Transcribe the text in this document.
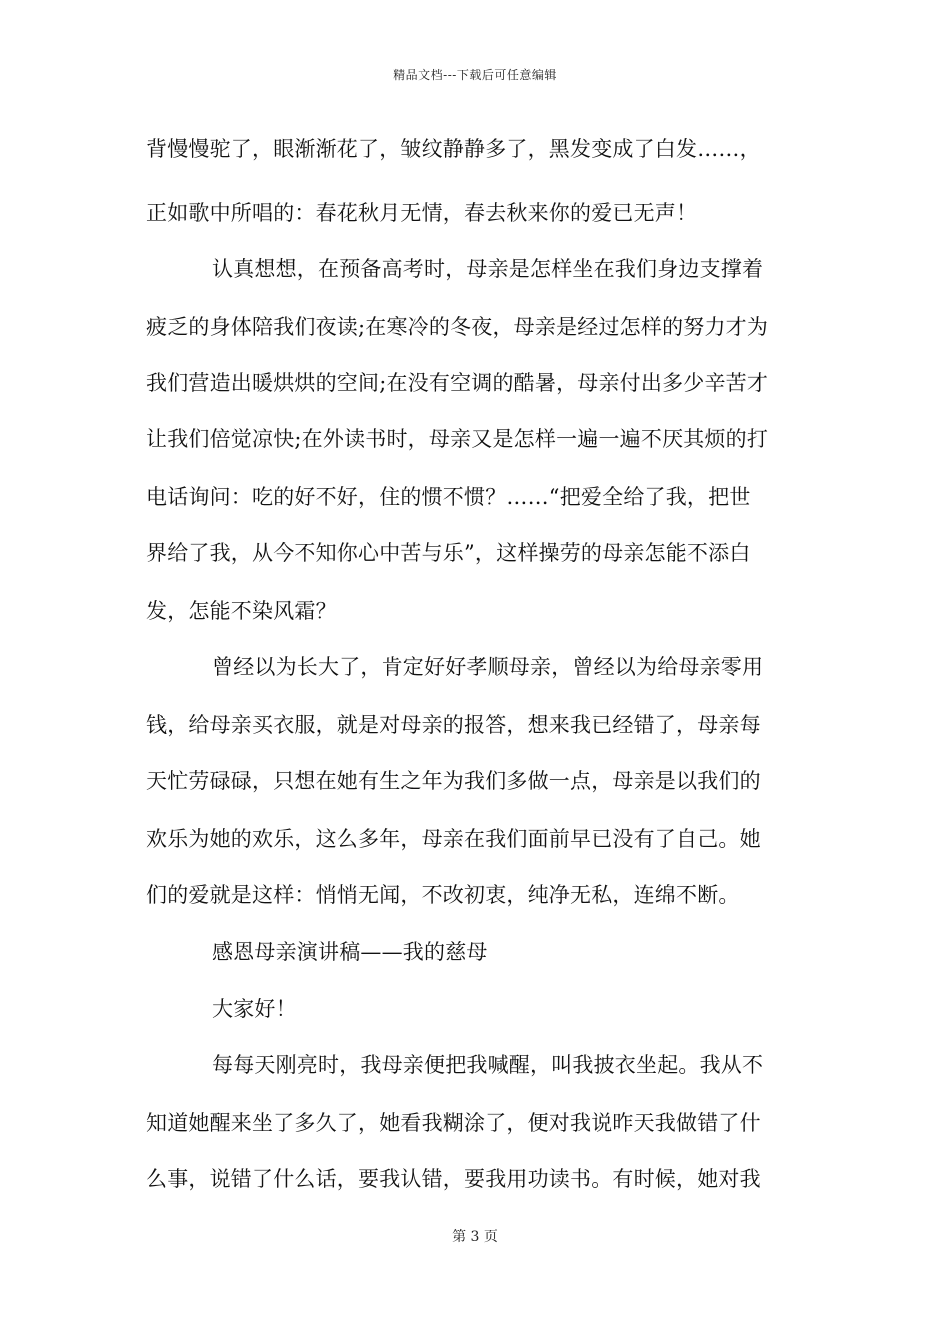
精品文档---下载后可任意编辑
背慢慢驼了，眼渐渐花了，皱纹静静多了，黑发变成了白发……，
正如歌中所唱的：春花秋月无情，春去秋来你的爱已无声！
认真想想，在预备高考时，母亲是怎样坐在我们身边支撑着
疲乏的身体陪我们夜读;在寒冷的冬夜，母亲是经过怎样的努力才为
我们营造出暖烘烘的空间;在没有空调的酷暑，母亲付出多少辛苦才
让我们倍觉凉快;在外读书时，母亲又是怎样一遍一遍不厌其烦的打
电话询问：吃的好不好，住的惯不惯？……“把爱全给了我，把世
界给了我，从今不知你心中苦与乐”，这样操劳的母亲怎能不添白
发，怎能不染风霜？
曾经以为长大了，肯定好好孝顺母亲，曾经以为给母亲零用
钱，给母亲买衣服，就是对母亲的报答，想来我已经错了，母亲每
天忙劳碌碌，只想在她有生之年为我们多做一点，母亲是以我们的
欢乐为她的欢乐，这么多年，母亲在我们面前早已没有了自己。她
们的爱就是这样：悄悄无闻，不改初衷，纯净无私，连绵不断。
感恩母亲演讲稿——我的慈母
大家好！
每每天刚亮时，我母亲便把我喊醒，叫我披衣坐起。我从不
知道她醒来坐了多久了，她看我糊涂了，便对我说昨天我做错了什
么事，说错了什么话，要我认错，要我用功读书。有时候，她对我
第 3 页
